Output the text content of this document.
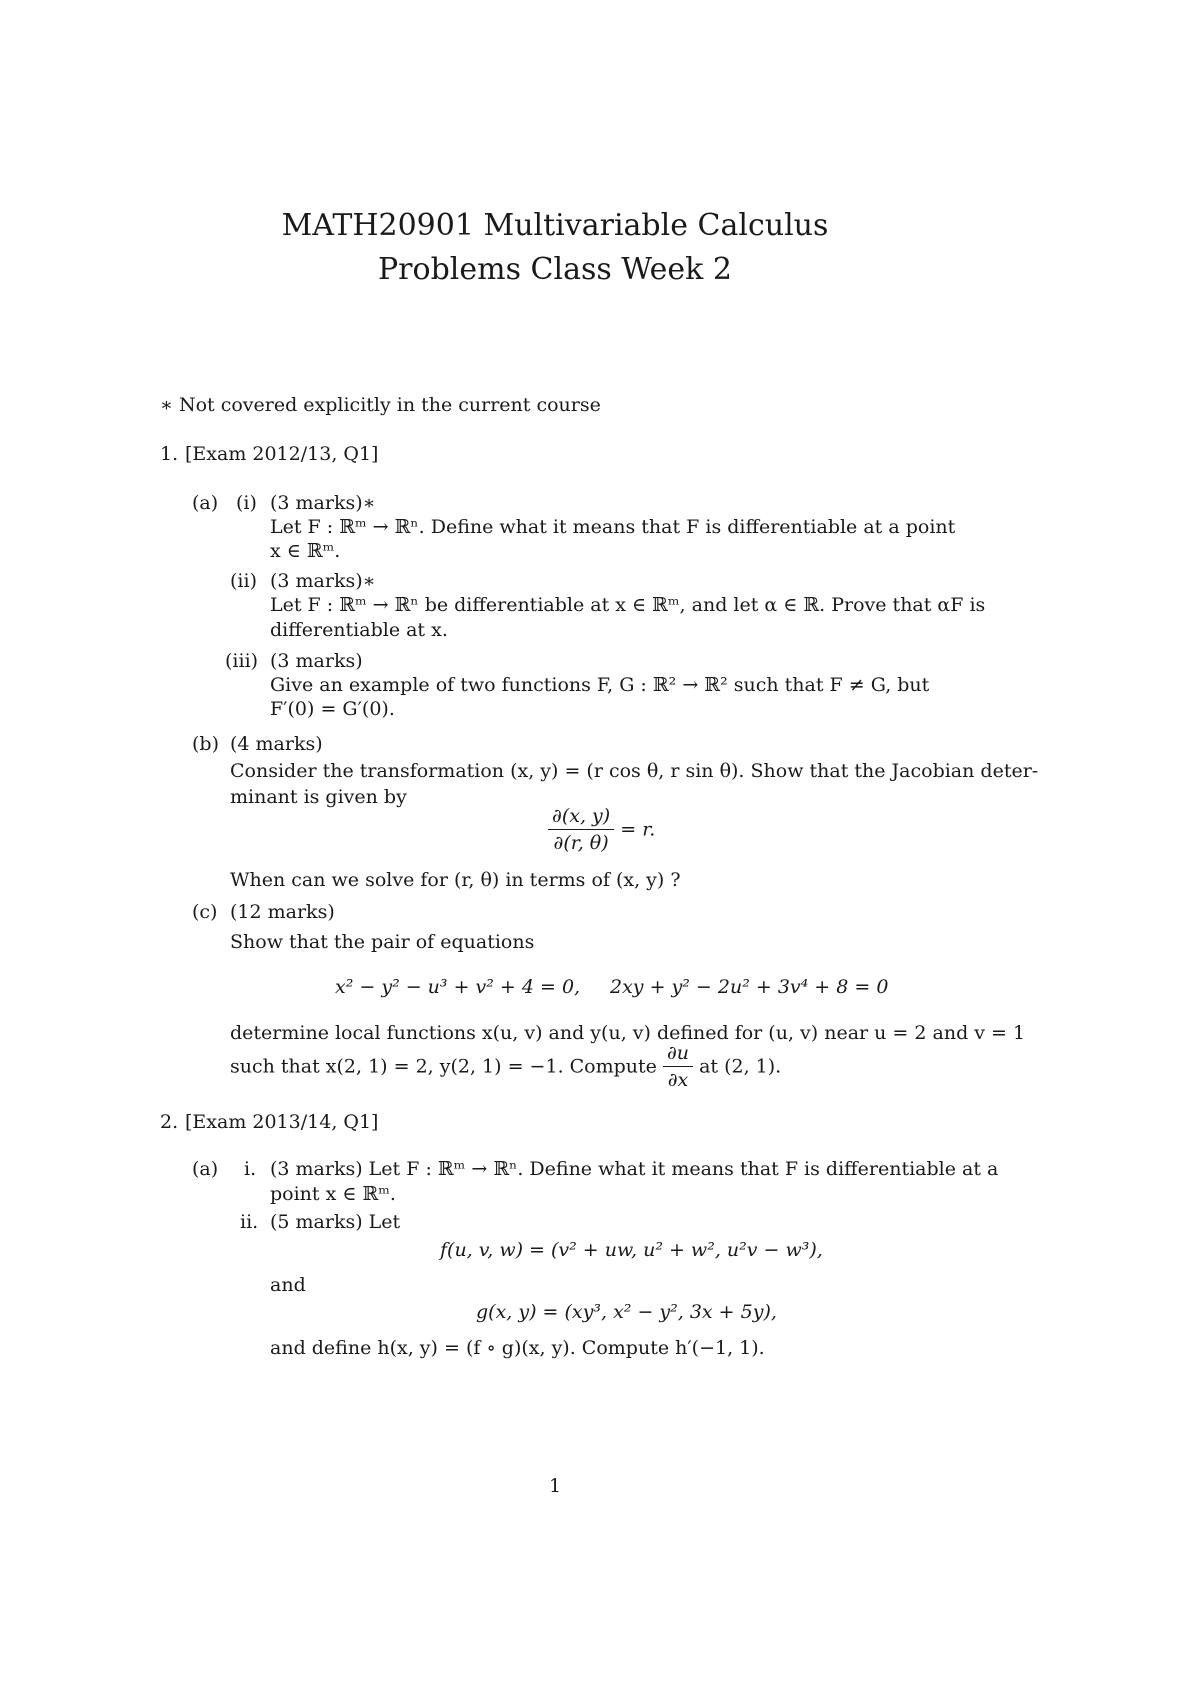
MATH20901 Multivariable Calculus
Problems Class Week 2
∗ Not covered explicitly in the current course
1. [Exam 2012/13, Q1]
(a) (i) (3 marks)∗
Let F : ℝᵐ → ℝⁿ. Define what it means that F is differentiable at a point
x ∈ ℝᵐ.
(ii) (3 marks)∗
Let F : ℝᵐ → ℝⁿ be differentiable at x ∈ ℝᵐ, and let α ∈ ℝ. Prove that αF is
differentiable at x.
(iii) (3 marks)
Give an example of two functions F, G : ℝ² → ℝ² such that F ≠ G, but
F′(0) = G′(0).
(b) (4 marks)
Consider the transformation (x, y) = (r cos θ, r sin θ). Show that the Jacobian deter-
minant is given by
$\frac{\partial(x, y)}{\partial(r, \theta)} = r$.
When can we solve for (r, θ) in terms of (x, y) ?
(c) (12 marks)
Show that the pair of equations
x² − y² − u³ + v² + 4 = 0, 2xy + y² − 2u² + 3v⁴ + 8 = 0
determine local functions x(u, v) and y(u, v) defined for (u, v) near u = 2 and v = 1
such that x(2, 1) = 2, y(2, 1) = −1. Compute $\frac{\partial u}{\partial x}$ at (2, 1).
2. [Exam 2013/14, Q1]
(a) i. (3 marks) Let F : ℝᵐ → ℝⁿ. Define what it means that F is differentiable at a
point x ∈ ℝᵐ.
ii. (5 marks) Let
f(u, v, w) = (v² + uw, u² + w², u²v − w³),
and
g(x, y) = (xy³, x² − y², 3x + 5y),
and define h(x, y) = (f ∘ g)(x, y). Compute h′(−1, 1).
1
